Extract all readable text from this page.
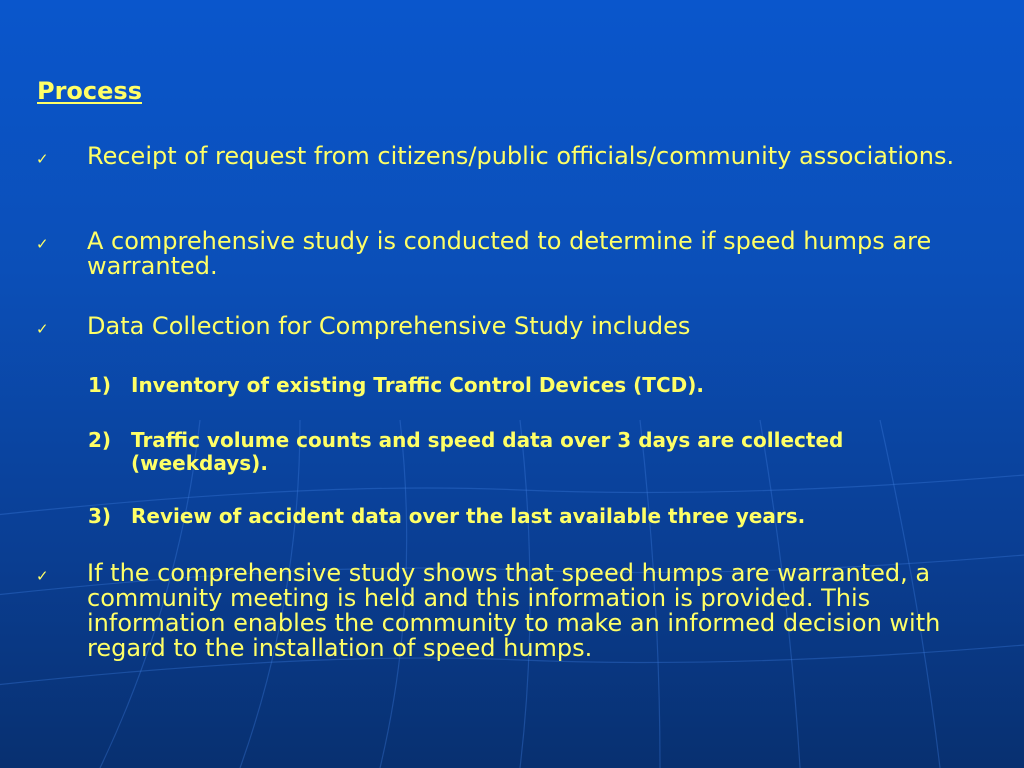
Process
✓ Receipt of request from citizens/public officials/community associations.
✓ A comprehensive study is conducted to determine if speed humps are warranted.
✓ Data Collection for Comprehensive Study includes
1) Inventory of existing Traffic Control Devices (TCD).
2) Traffic volume counts and speed data over 3 days are collected (weekdays).
3) Review of accident data over the last available three years.
✓ If the comprehensive study shows that speed humps are warranted, a community meeting is held and this information is provided. This information enables the community to make an informed decision with regard to the installation of speed humps.
